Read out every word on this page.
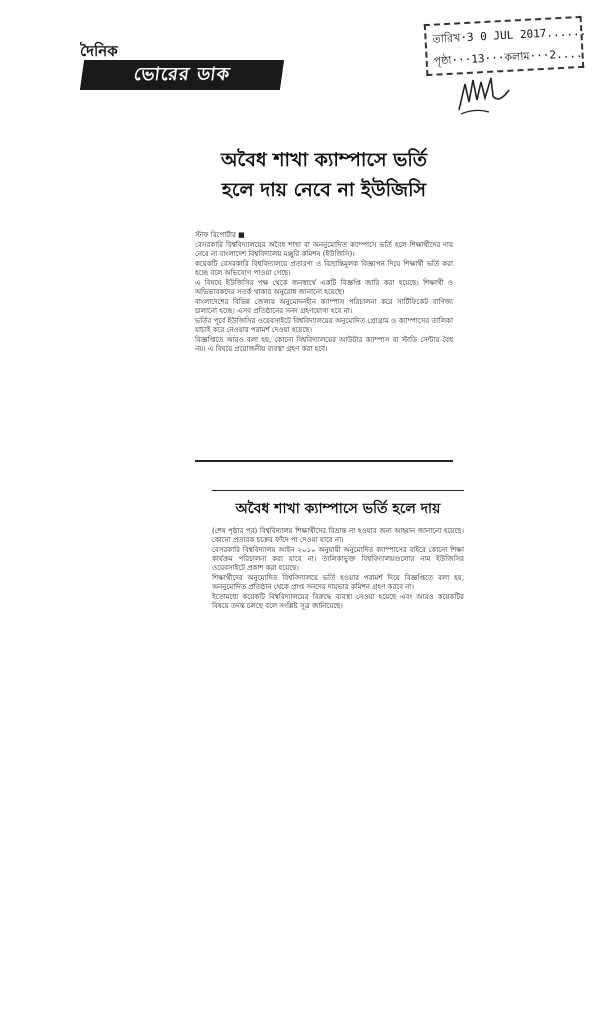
দৈনিক
ভোরের ডাক
তারিখ·3 0 JUL 2017......
পৃষ্ঠা···13···কলাম···2....
অবৈধ শাখা ক্যাম্পাসে ভর্তি
হলে দায় নেবে না ইউজিসি

স্টাফ রিপোর্টার ■

বেসরকারি বিশ্ববিদ্যালয়ের অবৈধ শাখা বা অননুমোদিত ক্যাম্পাসে ভর্তি হলে শিক্ষার্থীদের দায় নেবে না বাংলাদেশ বিশ্ববিদ্যালয় মঞ্জুরি কমিশন (ইউজিসি)।

কয়েকটি বেসরকারি বিশ্ববিদ্যালয়ে প্রতারণা ও বিভ্রান্তিমূলক বিজ্ঞাপন দিয়ে শিক্ষার্থী ভর্তি করা হচ্ছে বলে অভিযোগ পাওয়া গেছে।

এ বিষয়ে ইউজিসির পক্ষ থেকে জনস্বার্থে একটি বিজ্ঞপ্তি জারি করা হয়েছে। শিক্ষার্থী ও অভিভাবকদের সতর্ক থাকার অনুরোধ জানানো হয়েছে।

বাংলাদেশের বিভিন্ন জেলায় অনুমোদনহীন ক্যাম্পাস পরিচালনা করে সার্টিফিকেট বাণিজ্য চালানো হচ্ছে। এসব প্রতিষ্ঠানের সনদ গ্রহণযোগ্য হবে না।

ভর্তির পূর্বে ইউজিসির ওয়েবসাইটে বিশ্ববিদ্যালয়ের অনুমোদিত প্রোগ্রাম ও ক্যাম্পাসের তালিকা যাচাই করে নেওয়ার পরামর্শ দেওয়া হয়েছে।

বিজ্ঞপ্তিতে আরও বলা হয়, কোনো বিশ্ববিদ্যালয়ের আউটার ক্যাম্পাস বা স্টাডি সেন্টার বৈধ নয়। এ বিষয়ে প্রয়োজনীয় ব্যবস্থা গ্রহণ করা হবে।

অবৈধ শাখা ক্যাম্পাসে ভর্তি হলে দায়

(শেষ পৃষ্ঠার পর) বিশ্ববিদ্যালয় শিক্ষার্থীদের বিভ্রান্ত না হওয়ার জন্য আহ্বান জানানো হয়েছে। কোনো প্রতারক চক্রের ফাঁদে পা দেওয়া যাবে না।

বেসরকারি বিশ্ববিদ্যালয় আইন ২০১০ অনুযায়ী অনুমোদিত ক্যাম্পাসের বাইরে কোনো শিক্ষা কার্যক্রম পরিচালনা করা যাবে না। তালিকাভুক্ত বিশ্ববিদ্যালয়গুলোর নাম ইউজিসির ওয়েবসাইটে প্রকাশ করা হয়েছে।

শিক্ষার্থীদের অনুমোদিত বিশ্ববিদ্যালয়ে ভর্তি হওয়ার পরামর্শ দিয়ে বিজ্ঞপ্তিতে বলা হয়, অননুমোদিত প্রতিষ্ঠান থেকে প্রাপ্ত সনদের দায়ভার কমিশন গ্রহণ করবে না।

ইতোমধ্যে কয়েকটি বিশ্ববিদ্যালয়ের বিরুদ্ধে ব্যবস্থা নেওয়া হয়েছে এবং আরও কয়েকটির বিষয়ে তদন্ত চলছে বলে সংশ্লিষ্ট সূত্র জানিয়েছে।
